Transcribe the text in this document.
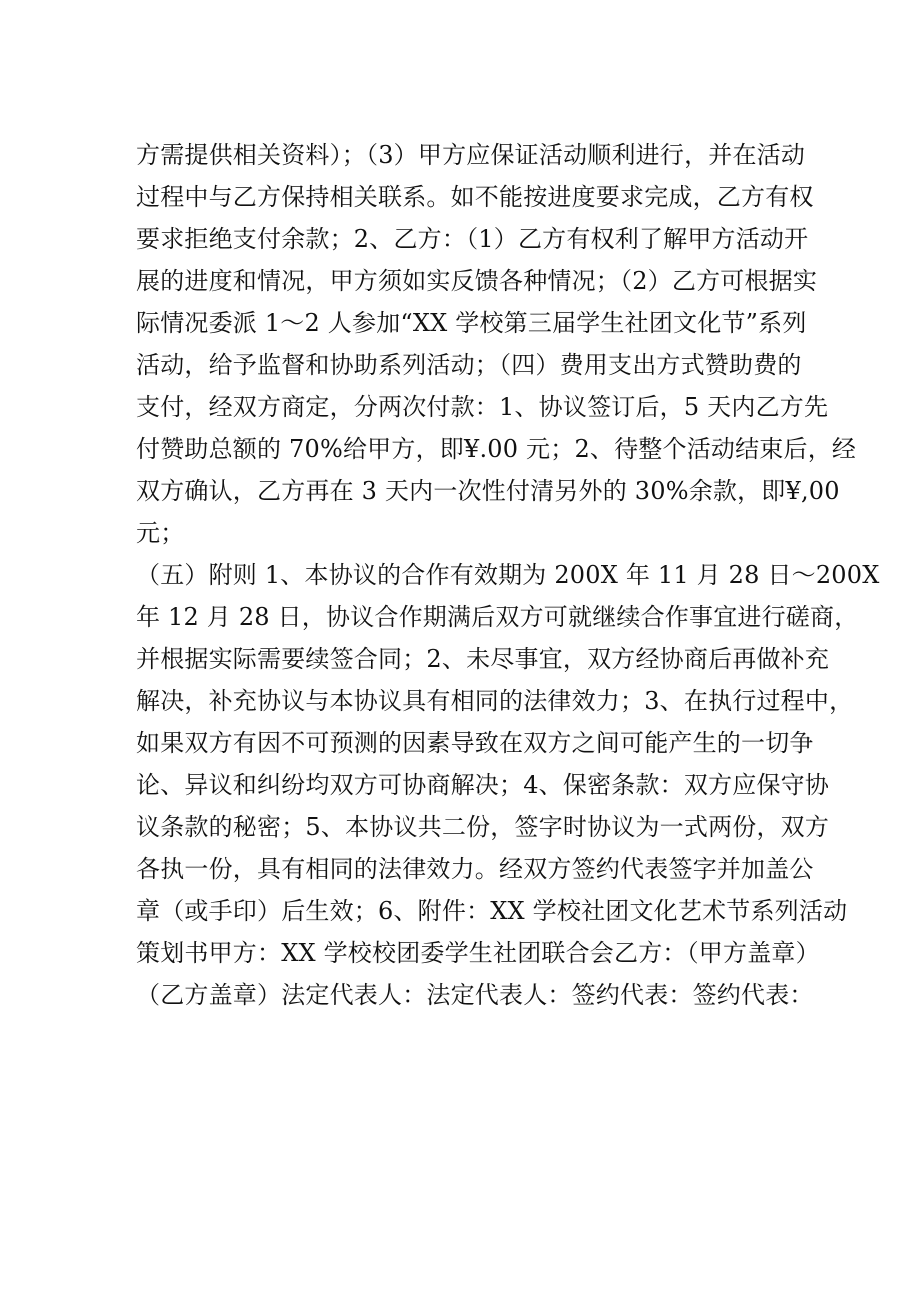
方需提供相关资料）；（3）甲方应保证活动顺利进行，并在活动
过程中与乙方保持相关联系。如不能按进度要求完成，乙方有权
要求拒绝支付余款；2、乙方：（1）乙方有权利了解甲方活动开
展的进度和情况，甲方须如实反馈各种情况；（2）乙方可根据实
际情况委派 1～2 人参加“XX 学校第三届学生社团文化节”系列
活动，给予监督和协助系列活动；（四）费用支出方式赞助费的
支付，经双方商定，分两次付款：1、协议签订后，5 天内乙方先
付赞助总额的 70%给甲方，即¥.00 元；2、待整个活动结束后，经
双方确认，乙方再在 3 天内一次性付清另外的 30%余款，即¥,00
元；
（五）附则 1、本协议的合作有效期为 200X 年 11 月 28 日～200X
年 12 月 28 日，协议合作期满后双方可就继续合作事宜进行磋商，
并根据实际需要续签合同；2、未尽事宜，双方经协商后再做补充
解决，补充协议与本协议具有相同的法律效力；3、在执行过程中，
如果双方有因不可预测的因素导致在双方之间可能产生的一切争
论、异议和纠纷均双方可协商解决；4、保密条款：双方应保守协
议条款的秘密；5、本协议共二份，签字时协议为一式两份，双方
各执一份，具有相同的法律效力。经双方签约代表签字并加盖公
章（或手印）后生效；6、附件：XX 学校社团文化艺术节系列活动
策划书甲方：XX 学校校团委学生社团联合会乙方：（甲方盖章）
（乙方盖章）法定代表人：法定代表人：签约代表：签约代表：
